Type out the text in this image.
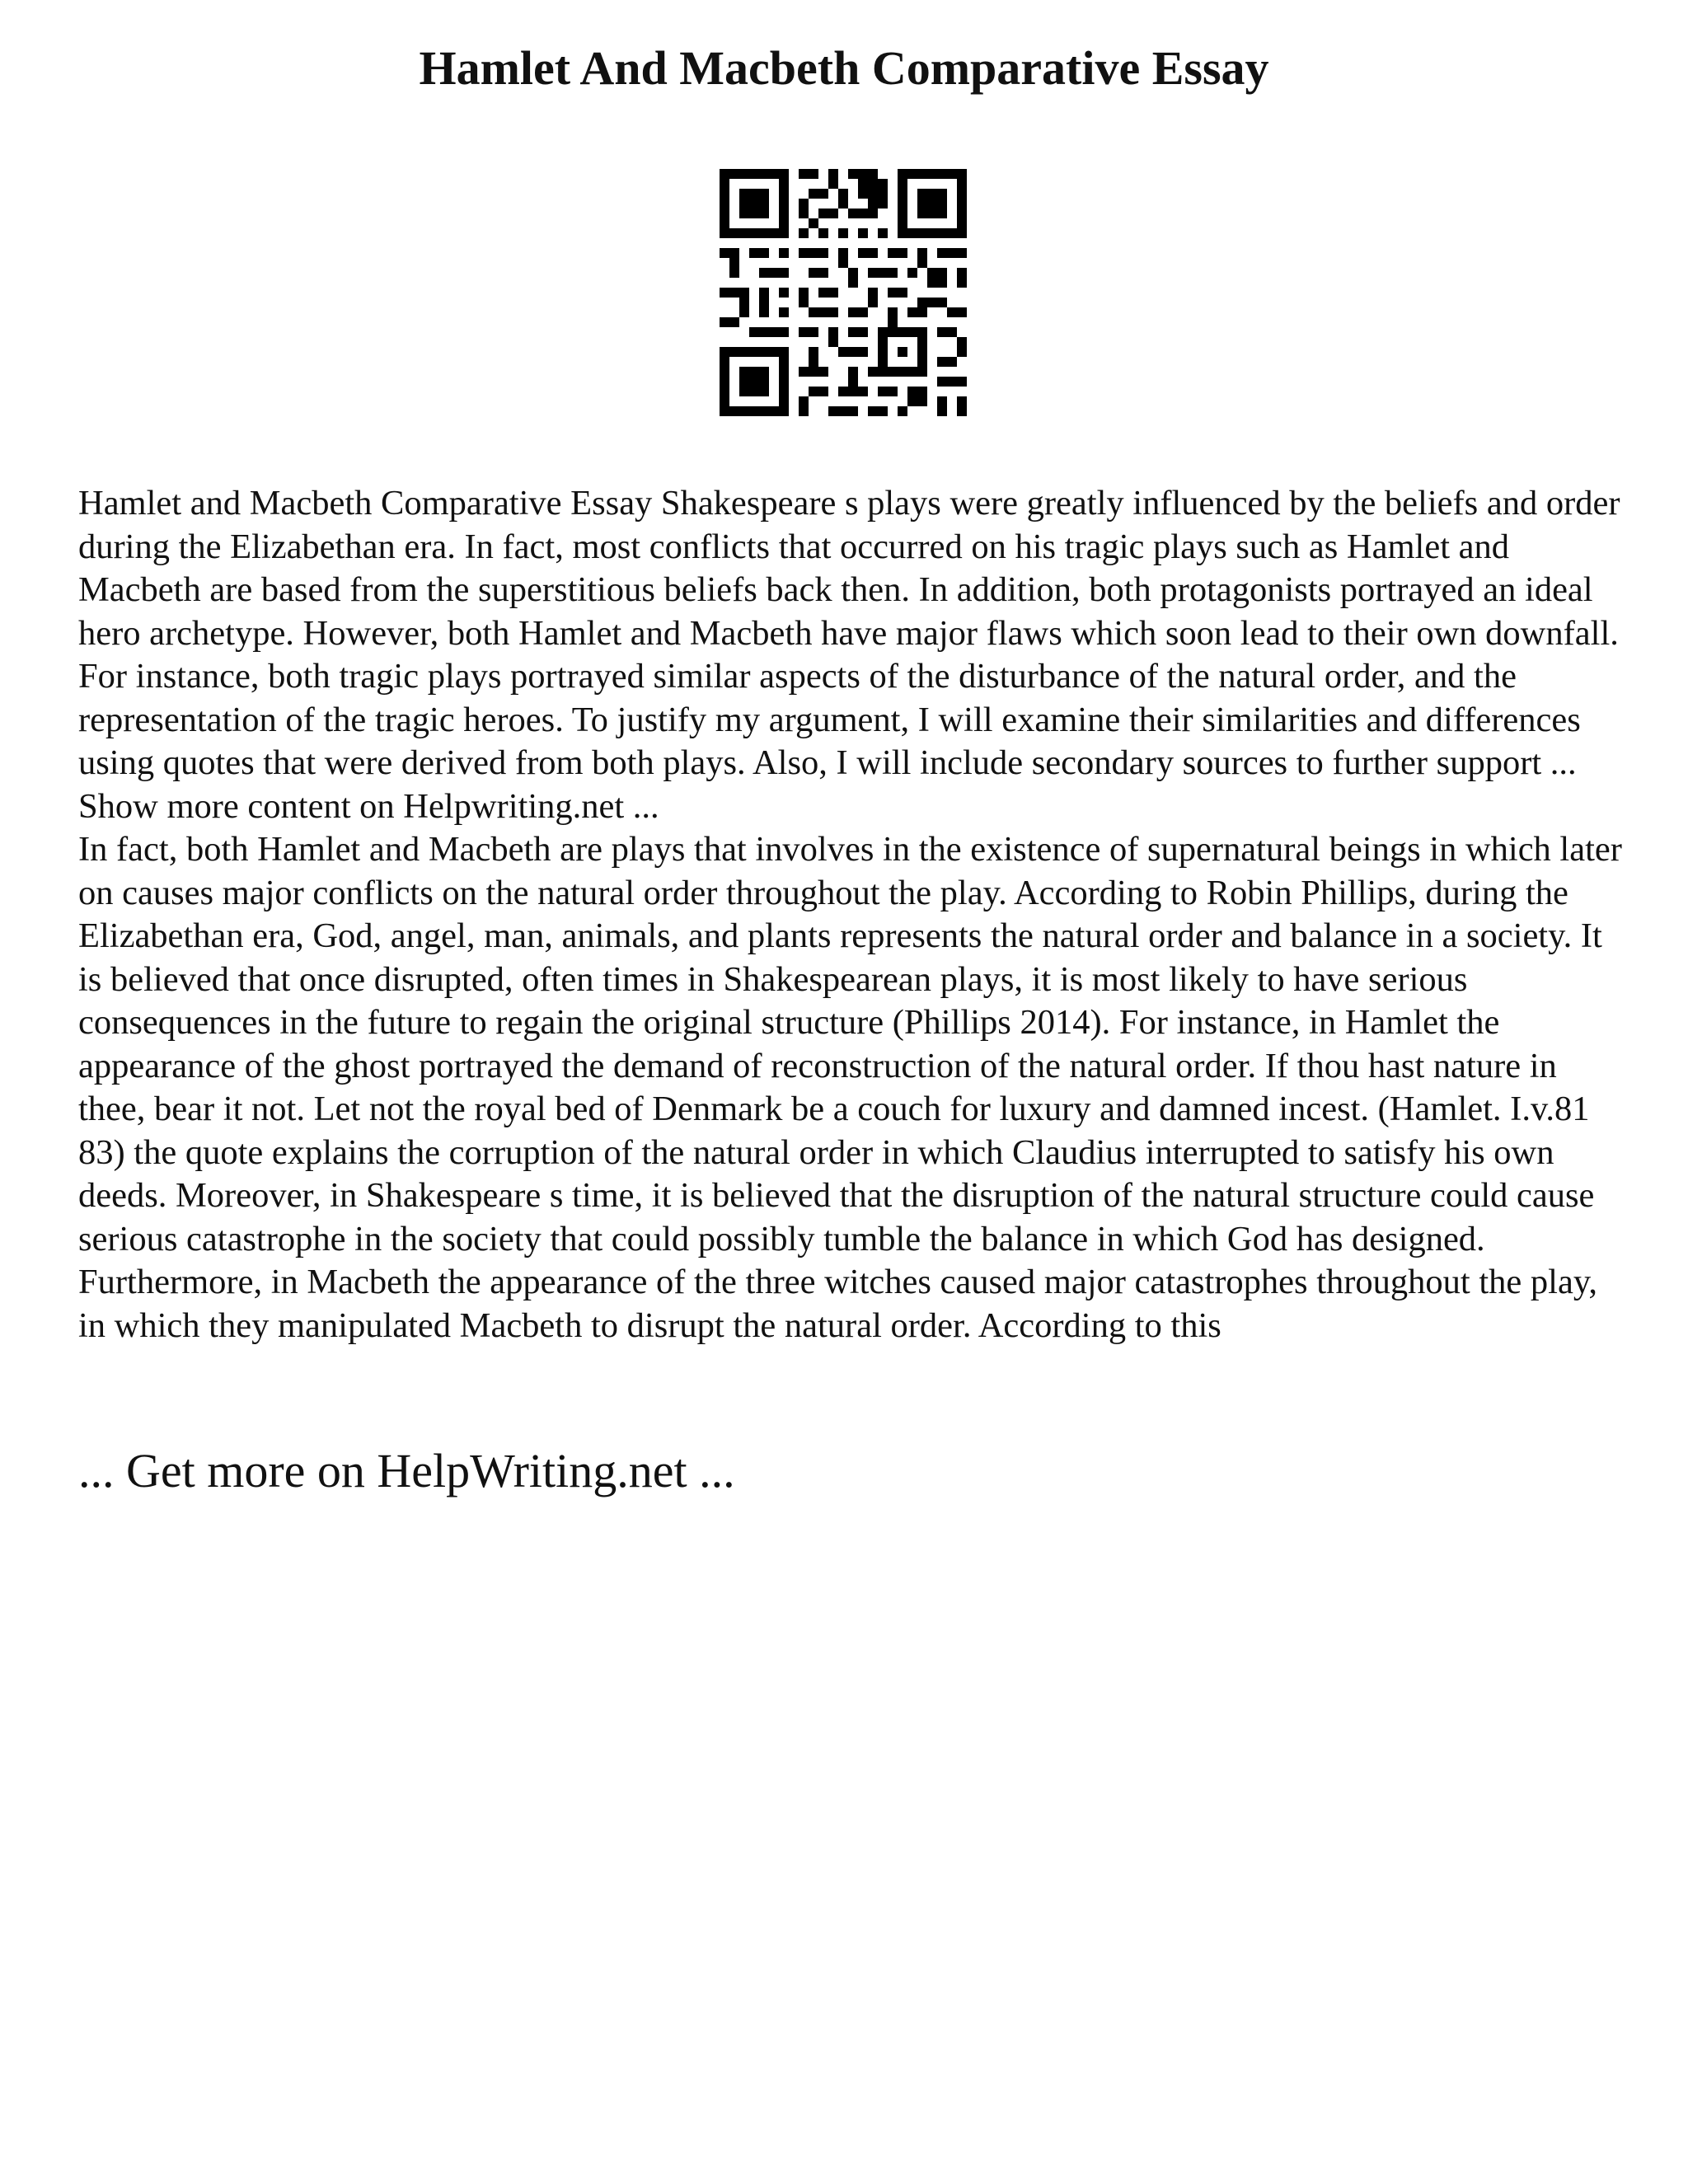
Hamlet And Macbeth Comparative Essay

Hamlet and Macbeth Comparative Essay Shakespeare s plays were greatly influenced by the beliefs and order during the Elizabethan era. In fact, most conflicts that occurred on his tragic plays such as Hamlet and Macbeth are based from the superstitious beliefs back then. In addition, both protagonists portrayed an ideal hero archetype. However, both Hamlet and Macbeth have major flaws which soon lead to their own downfall. For instance, both tragic plays portrayed similar aspects of the disturbance of the natural order, and the representation of the tragic heroes. To justify my argument, I will examine their similarities and differences using quotes that were derived from both plays. Also, I will include secondary sources to further support ... Show more content on Helpwriting.net ...

In fact, both Hamlet and Macbeth are plays that involves in the existence of supernatural beings in which later on causes major conflicts on the natural order throughout the play. According to Robin Phillips, during the Elizabethan era, God, angel, man, animals, and plants represents the natural order and balance in a society. It is believed that once disrupted, often times in Shakespearean plays, it is most likely to have serious consequences in the future to regain the original structure (Phillips 2014). For instance, in Hamlet the appearance of the ghost portrayed the demand of reconstruction of the natural order. If thou hast nature in thee, bear it not. Let not the royal bed of Denmark be a couch for luxury and damned incest. (Hamlet. I.v.81 83) the quote explains the corruption of the natural order in which Claudius interrupted to satisfy his own deeds. Moreover, in Shakespeare s time, it is believed that the disruption of the natural structure could cause serious catastrophe in the society that could possibly tumble the balance in which God has designed. Furthermore, in Macbeth the appearance of the three witches caused major catastrophes throughout the play, in which they manipulated Macbeth to disrupt the natural order. According to this

... Get more on HelpWriting.net ...
